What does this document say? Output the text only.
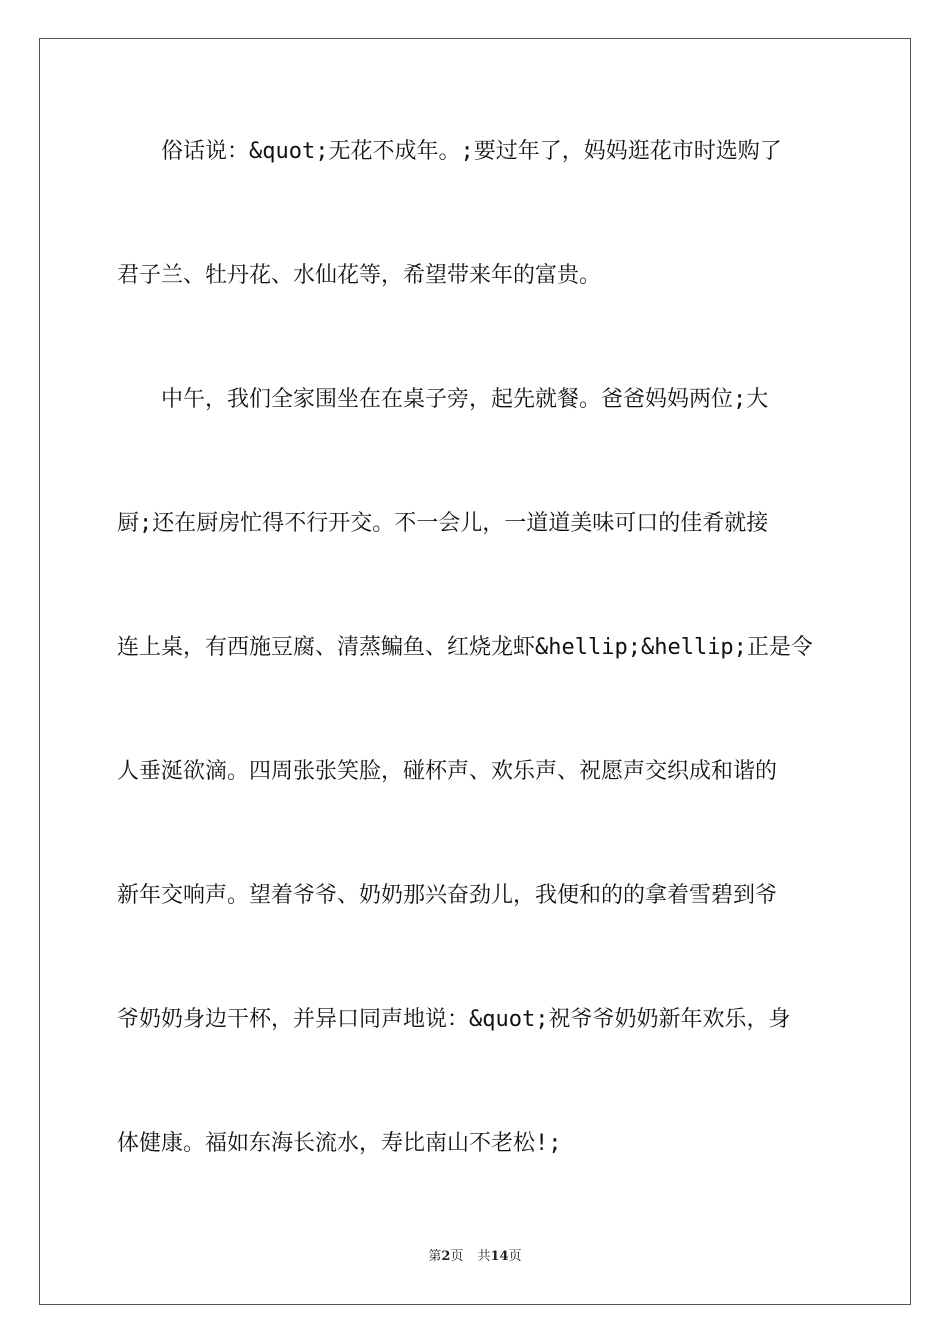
　　俗话说：&quot;无花不成年。;要过年了，妈妈逛花市时选购了
君子兰、牡丹花、水仙花等，希望带来年的富贵。
　　中午，我们全家围坐在在桌子旁，起先就餐。爸爸妈妈两位;大
厨;还在厨房忙得不行开交。不一会儿，一道道美味可口的佳肴就接
连上桌，有西施豆腐、清蒸鳊鱼、红烧龙虾&hellip;&hellip;正是令
人垂涎欲滴。四周张张笑脸，碰杯声、欢乐声、祝愿声交织成和谐的
新年交响声。望着爷爷、奶奶那兴奋劲儿，我便和的的拿着雪碧到爷
爷奶奶身边干杯，并异口同声地说：&quot;祝爷爷奶奶新年欢乐，身
体健康。福如东海长流水，寿比南山不老松!;
第2页 共14页
